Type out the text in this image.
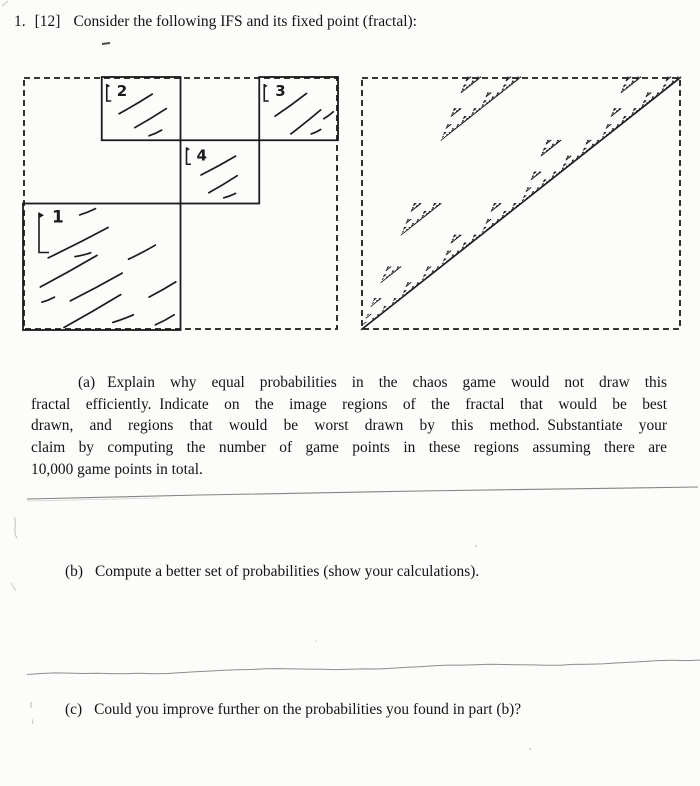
1. [12] Consider the following IFS and its fixed point (fractal):
1
2	3
4
(a) Explain why equal probabilities in the chaos game would not draw this
fractal efficiently. Indicate on the image regions of the fractal that would be best
drawn, and regions that would be worst drawn by this method. Substantiate your
claim by computing the number of game points in these regions assuming there are
10,000 game points in total.
(b) Compute a better set of probabilities (show your calculations).
(c) Could you improve further on the probabilities you found in part (b)?
